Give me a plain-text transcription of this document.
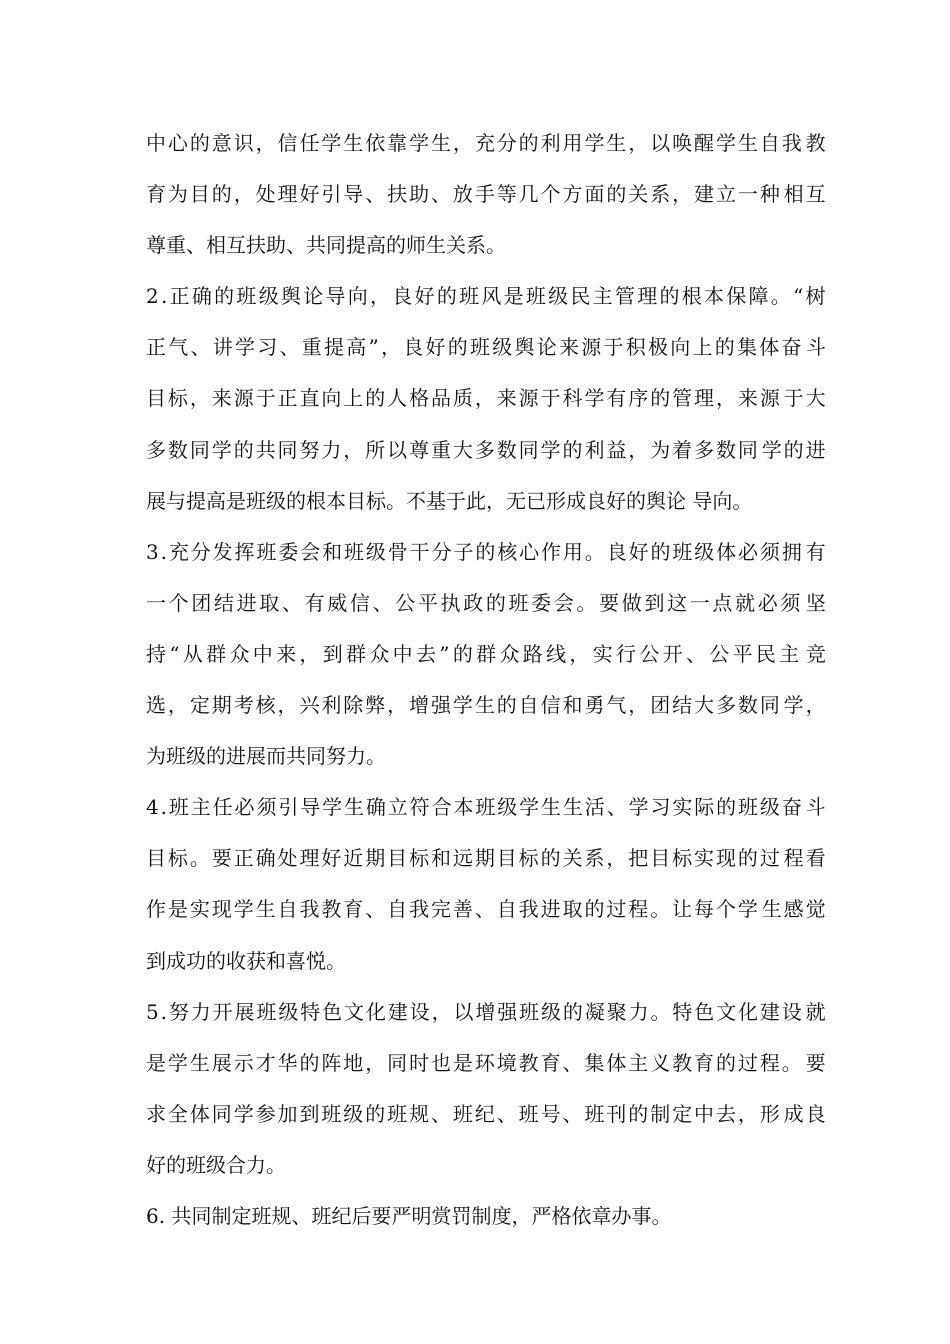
中 心 的 意 识 ， 信 任 学 生 依 靠 学 生 ， 充 分 的 利 用 学 生 ， 以 唤 醒 学 生 自 我 教
育 为 目 的 ， 处 理 好 引 导 、 扶 助 、 放 手 等 几 个 方 面 的 关 系 ， 建 立 一 种 相 互
尊重、相互扶助、共同提高的师生关系。
2 . 正 确 的 班 级 舆 论 导 向 ， 良 好 的 班 风 是 班 级 民 主 管 理 的 根 本 保 障 。 “ 树
正 气 、 讲 学 习 、 重 提 高 ” ， 良 好 的 班 级 舆 论 来 源 于 积 极 向 上 的 集 体 奋 斗
目 标 ， 来 源 于 正 直 向 上 的 人 格 品 质 ， 来 源 于 科 学 有 序 的 管 理 ， 来 源 于 大
多 数 同 学 的 共 同 努 力 ， 所 以 尊 重 大 多 数 同 学 的 利 益 ， 为 着 多 数 同 学 的 进
展与提高是班级的根本目标。不基于此，无已形成良好的舆论 导向。
3 . 充 分 发 挥 班 委 会 和 班 级 骨 干 分 子 的 核 心 作 用 。 良 好 的 班 级 体 必 须 拥 有
一 个 团 结 进 取 、 有 威 信 、 公 平 执 政 的 班 委 会 。 要 做 到 这 一 点 就 必 须 坚
持 “ 从 群 众 中 来 ， 到 群 众 中 去 ” 的 群 众 路 线 ， 实 行 公 开 、 公 平 民 主 竞
选 ， 定 期 考 核 ， 兴 利 除 弊 ， 增 强 学 生 的 自 信 和 勇 气 ， 团 结 大 多 数 同 学 ，
为班级的进展而共同努力。
4 . 班 主 任 必 须 引 导 学 生 确 立 符 合 本 班 级 学 生 生 活 、 学 习 实 际 的 班 级 奋 斗
目 标 。 要 正 确 处 理 好 近 期 目 标 和 远 期 目 标 的 关 系 ， 把 目 标 实 现 的 过 程 看
作 是 实 现 学 生 自 我 教 育 、 自 我 完 善 、 自 我 进 取 的 过 程 。 让 每 个 学 生 感 觉
到成功的收获和喜悦。
5 . 努 力 开 展 班 级 特 色 文 化 建 设 ， 以 增 强 班 级 的 凝 聚 力 。 特 色 文 化 建 设 就
是 学 生 展 示 才 华 的 阵 地 ， 同 时 也 是 环 境 教 育 、 集 体 主 义 教 育 的 过 程 。 要
求 全 体 同 学 参 加 到 班 级 的 班 规 、 班 纪 、 班 号 、 班 刊 的 制 定 中 去 ， 形 成 良
好的班级合力。
6. 共同制定班规、班纪后要严明赏罚制度，严格依章办事。
